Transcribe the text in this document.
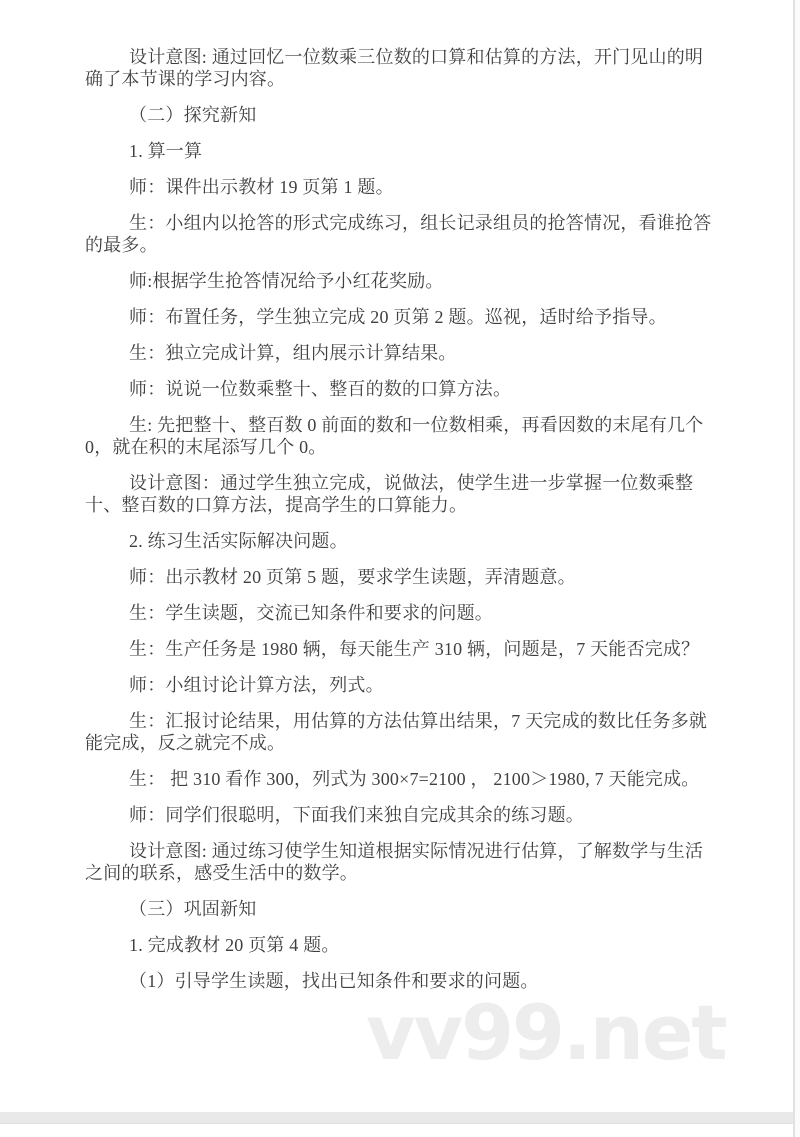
设计意图: 通过回忆一位数乘三位数的口算和估算的方法，开门见山的明确了本节课的学习内容。

（二）探究新知

1. 算一算

师：课件出示教材 19 页第 1 题。

生：小组内以抢答的形式完成练习，组长记录组员的抢答情况，看谁抢答的最多。

师:根据学生抢答情况给予小红花奖励。

师：布置任务，学生独立完成 20 页第 2 题。巡视，适时给予指导。

生：独立完成计算，组内展示计算结果。

师：说说一位数乘整十、整百的数的口算方法。

生: 先把整十、整百数 0 前面的数和一位数相乘，再看因数的末尾有几个 0，就在积的末尾添写几个 0。

设计意图：通过学生独立完成，说做法，使学生进一步掌握一位数乘整十、整百数的口算方法，提高学生的口算能力。

2. 练习生活实际解决问题。

师：出示教材 20 页第 5 题，要求学生读题，弄清题意。

生：学生读题，交流已知条件和要求的问题。

生：生产任务是 1980 辆，每天能生产 310 辆，问题是，7 天能否完成？

师：小组讨论计算方法，列式。

生：汇报讨论结果，用估算的方法估算出结果，7 天完成的数比任务多就能完成，反之就完不成。

生： 把 310 看作 300，列式为 300×7=2100 ， 2100＞1980, 7 天能完成。

师：同学们很聪明，下面我们来独自完成其余的练习题。

设计意图: 通过练习使学生知道根据实际情况进行估算，了解数学与生活之间的联系，感受生活中的数学。

（三）巩固新知

1. 完成教材 20 页第 4 题。

（1）引导学生读题，找出已知条件和要求的问题。

vv99.net
